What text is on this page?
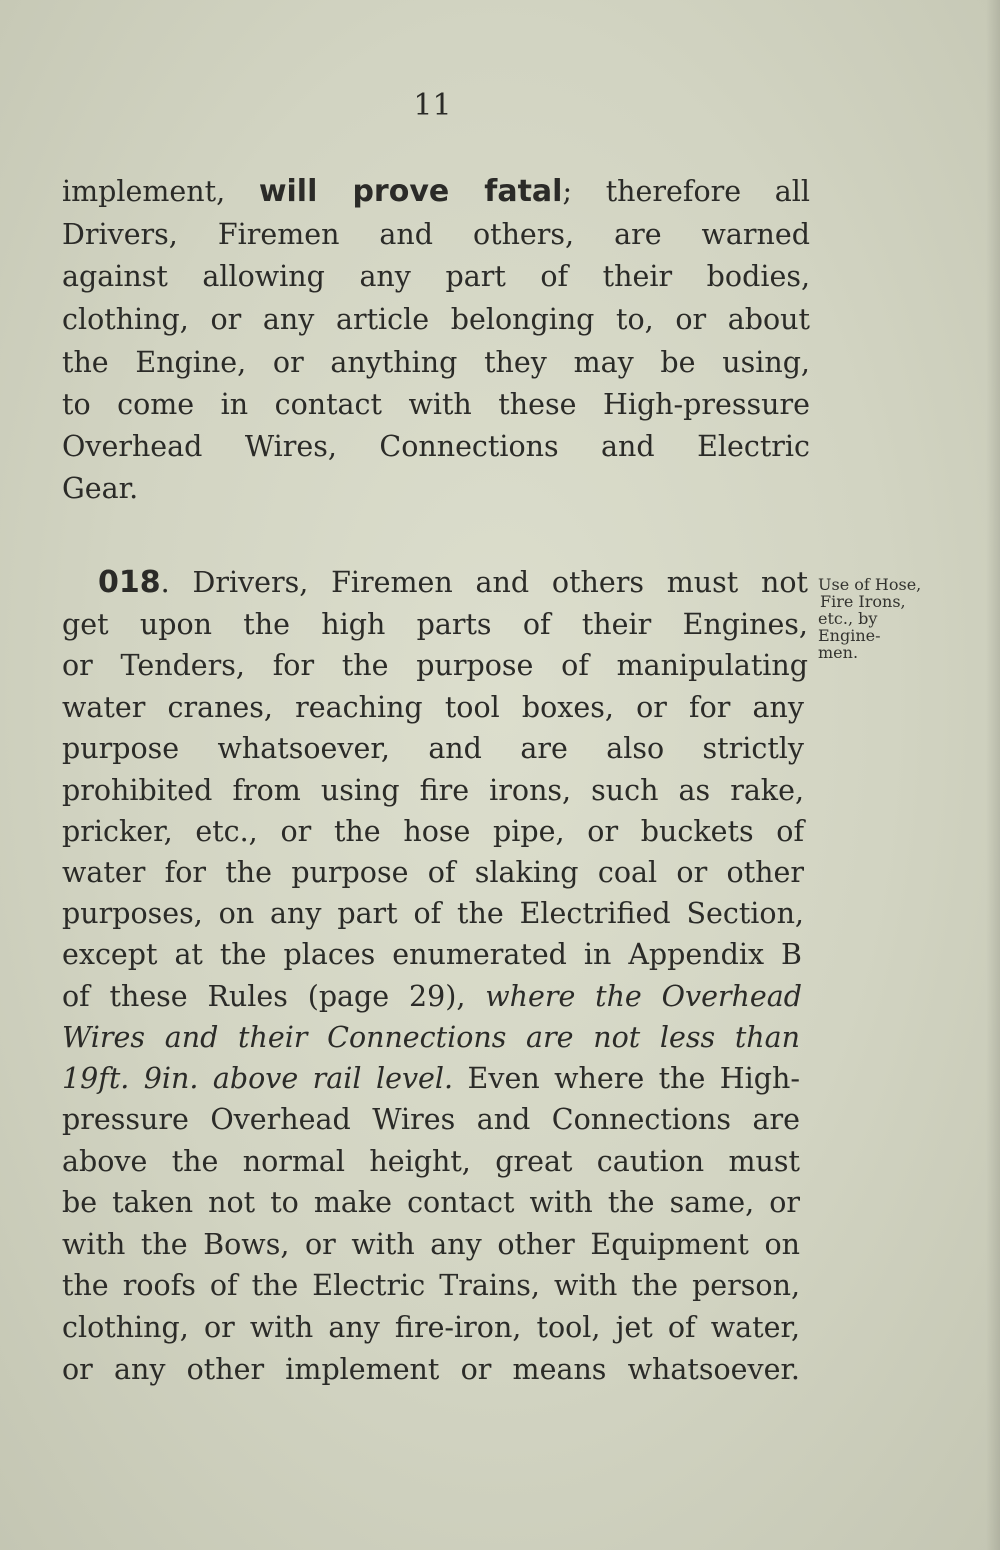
11
implement, will prove fatal; therefore all
Drivers, Firemen and others, are warned
against allowing any part of their bodies,
clothing, or any article belonging to, or about
the Engine, or anything they may be using,
to come in contact with these High-pressure
Overhead Wires, Connections and Electric
Gear.
018. Drivers, Firemen and others must not
get upon the high parts of their Engines,
or Tenders, for the purpose of manipulating
water cranes, reaching tool boxes, or for any
purpose whatsoever, and are also strictly
prohibited from using fire irons, such as rake,
pricker, etc., or the hose pipe, or buckets of
water for the purpose of slaking coal or other
purposes, on any part of the Electrified Section,
except at the places enumerated in Appendix B
of these Rules (page 29), where the Overhead
Wires and their Connections are not less than
19ft. 9in. above rail level. Even where the High-
pressure Overhead Wires and Connections are
above the normal height, great caution must
be taken not to make contact with the same, or
with the Bows, or with any other Equipment on
the roofs of the Electric Trains, with the person,
clothing, or with any fire-iron, tool, jet of water,
or any other implement or means whatsoever.
Use of Hose,
Fire Irons,
etc., by
Engine-
men.
